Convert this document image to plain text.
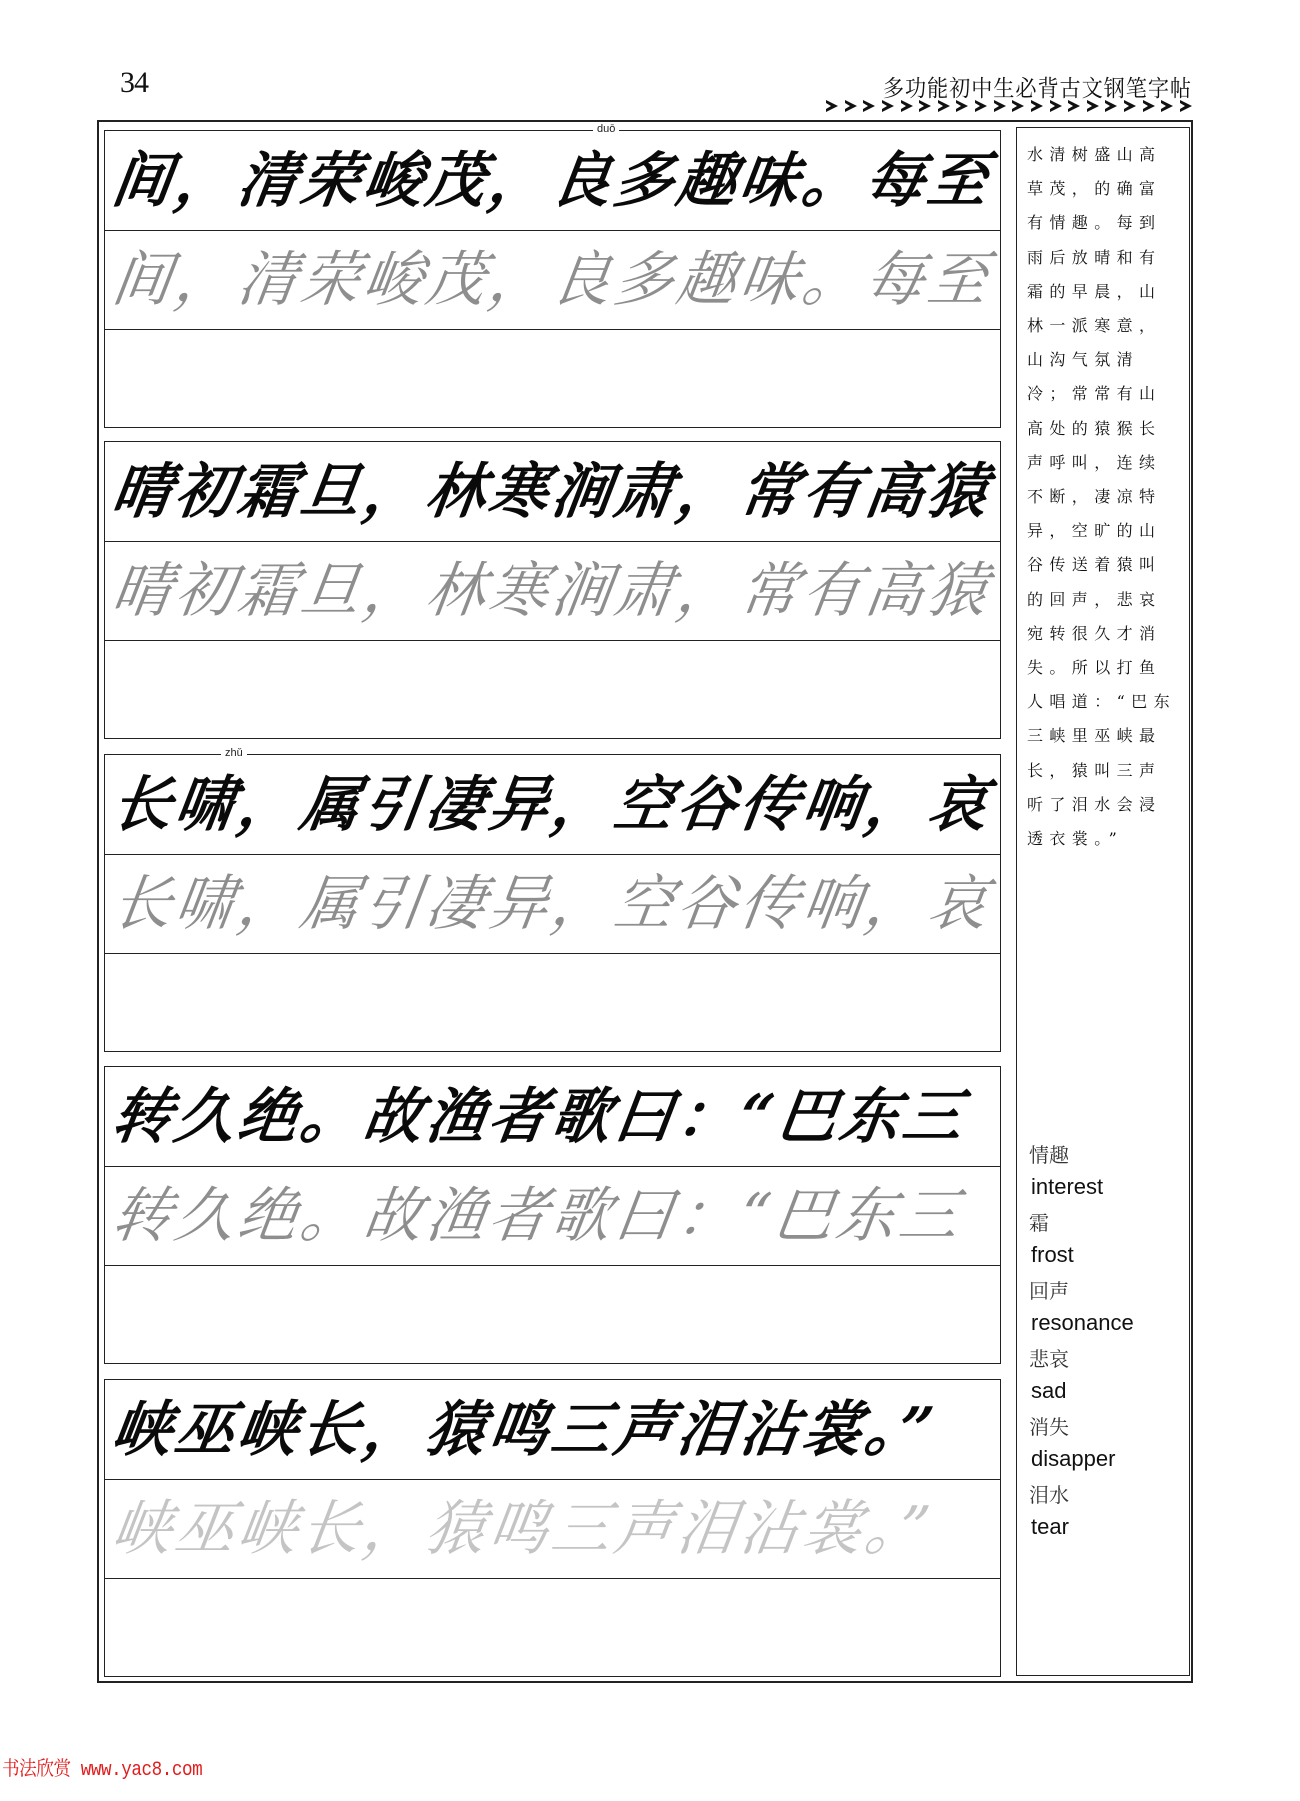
34	多功能初中生必背古文钢笔字帖
duō
间，清荣峻茂，良多趣味。每至
间，清荣峻茂，良多趣味。每至
晴初霜旦，林寒涧肃，常有高猿
晴初霜旦，林寒涧肃，常有高猿
zhǔ
长啸，属引凄异，空谷传响，哀
长啸，属引凄异，空谷传响，哀
转久绝。故渔者歌曰：“巴东三
转久绝。故渔者歌曰：“巴东三
峡巫峡长，猿鸣三声泪沾裳。”
峡巫峡长，猿鸣三声泪沾裳。”
水清树盛山高草茂，的确富有情趣。每到雨后放晴和有霜的早晨，山林一派寒意，山沟气氛清冷；常常有山高处的猿猴长声呼叫，连续不断，凄凉特异，空旷的山谷传送着猿叫的回声，悲哀宛转很久才消失。所以打鱼人唱道：“巴东三峡里巫峡最长，猿叫三声听了泪水会浸透衣裳。”
情趣
interest
霜
frost
回声
resonance
悲哀
sad
消失
disapper
泪水
tear
书法欣赏 www.yac8.com
